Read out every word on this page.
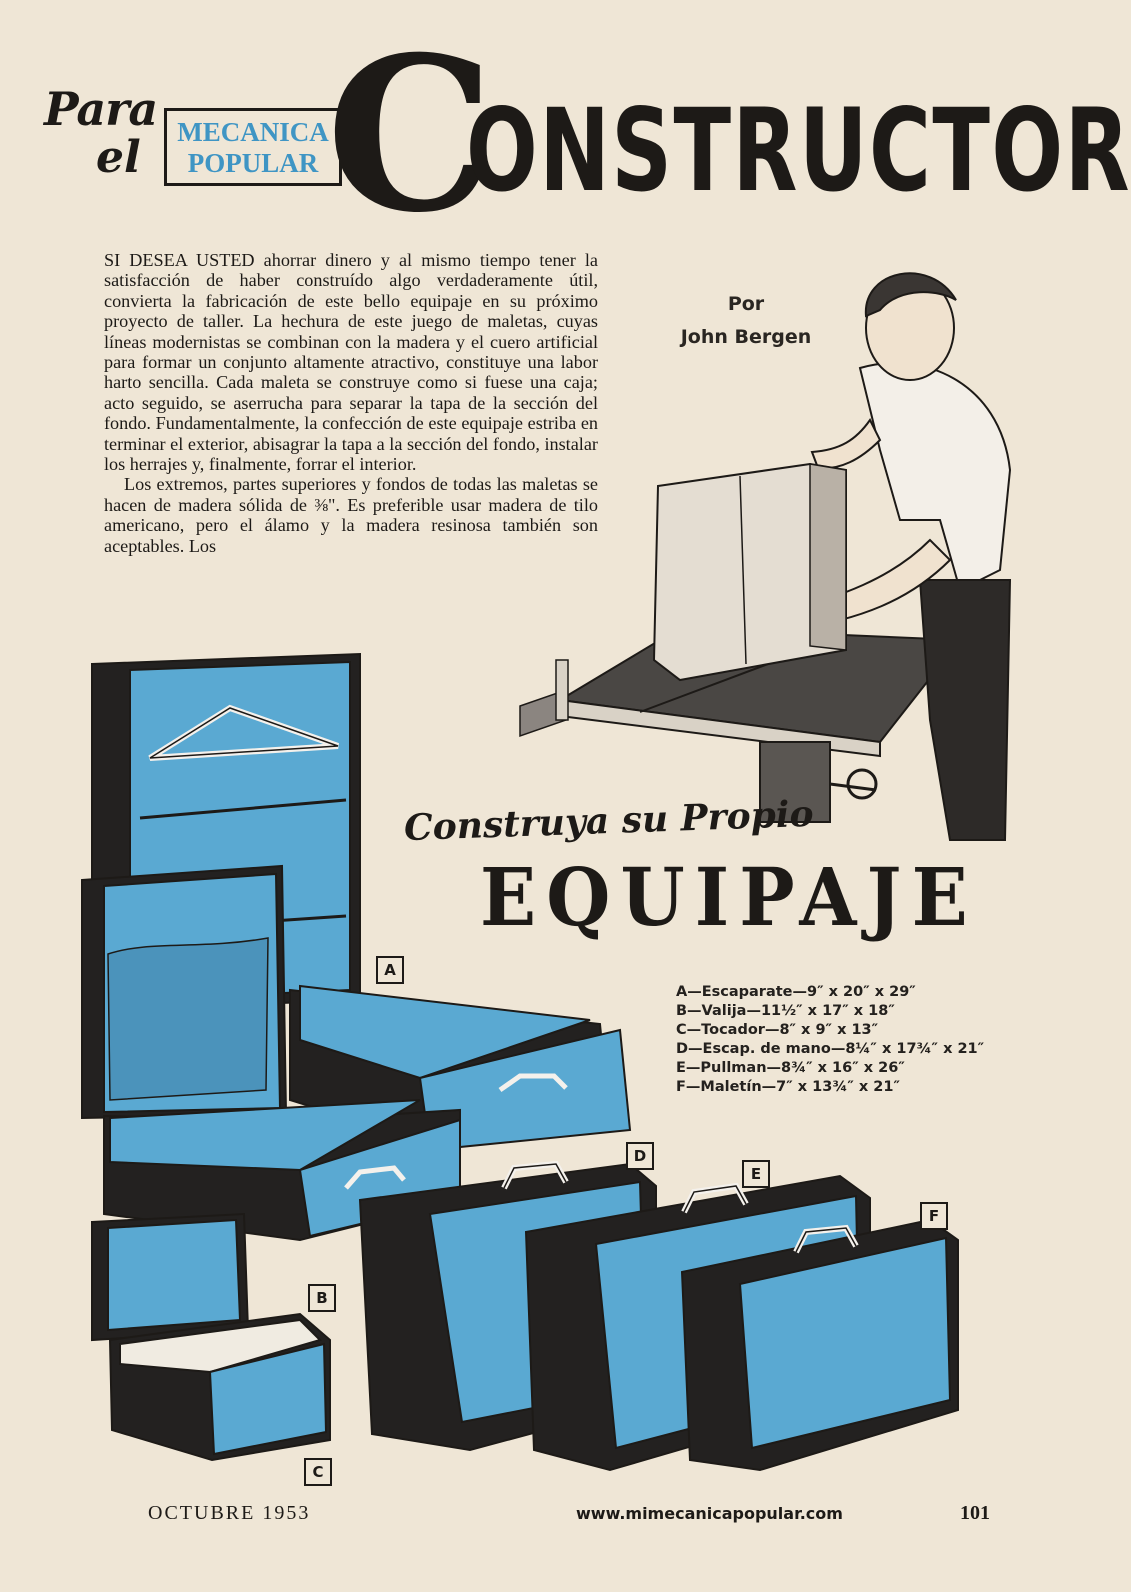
Para
el	MECANICA
POPULAR C
ONSTRUCTOR

SI DESEA USTED ahorrar dinero y al mismo tiempo tener la satisfacción de haber construído algo verdaderamente útil, convierta la fabricación de este bello equipaje en su próximo proyecto de taller. La hechura de este juego de maletas, cuyas líneas modernistas se combinan con la madera y el cuero artificial para formar un conjunto altamente atractivo, constituye una labor harto sencilla. Cada maleta se construye como si fuese una caja; acto seguido, se aserrucha para separar la tapa de la sección del fondo. Fundamentalmente, la confección de este equipaje estriba en terminar el exterior, abisagrar la tapa a la sección del fondo, instalar los herrajes y, finalmente, forrar el interior.

Los extremos, partes superiores y fondos de todas las maletas se hacen de madera sólida de ⅜". Es preferible usar madera de tilo americano, pero el álamo y la madera resinosa también son aceptables. Los

Por
John Bergen
Construya su Propio
EQUIPAJE
A—Escaparate—9″ x 20″ x 29″
B—Valija—11½″ x 17″ x 18″
C—Tocador—8″ x 9″ x 13″
D—Escap. de mano—8¼″ x 17¾″ x 21″
E—Pullman—8¾″ x 16″ x 26″
F—Maletín—7″ x 13¾″ x 21″
A
B
C
D
E
F
OCTUBRE 1953	www.mimecanicapopular.com	101
